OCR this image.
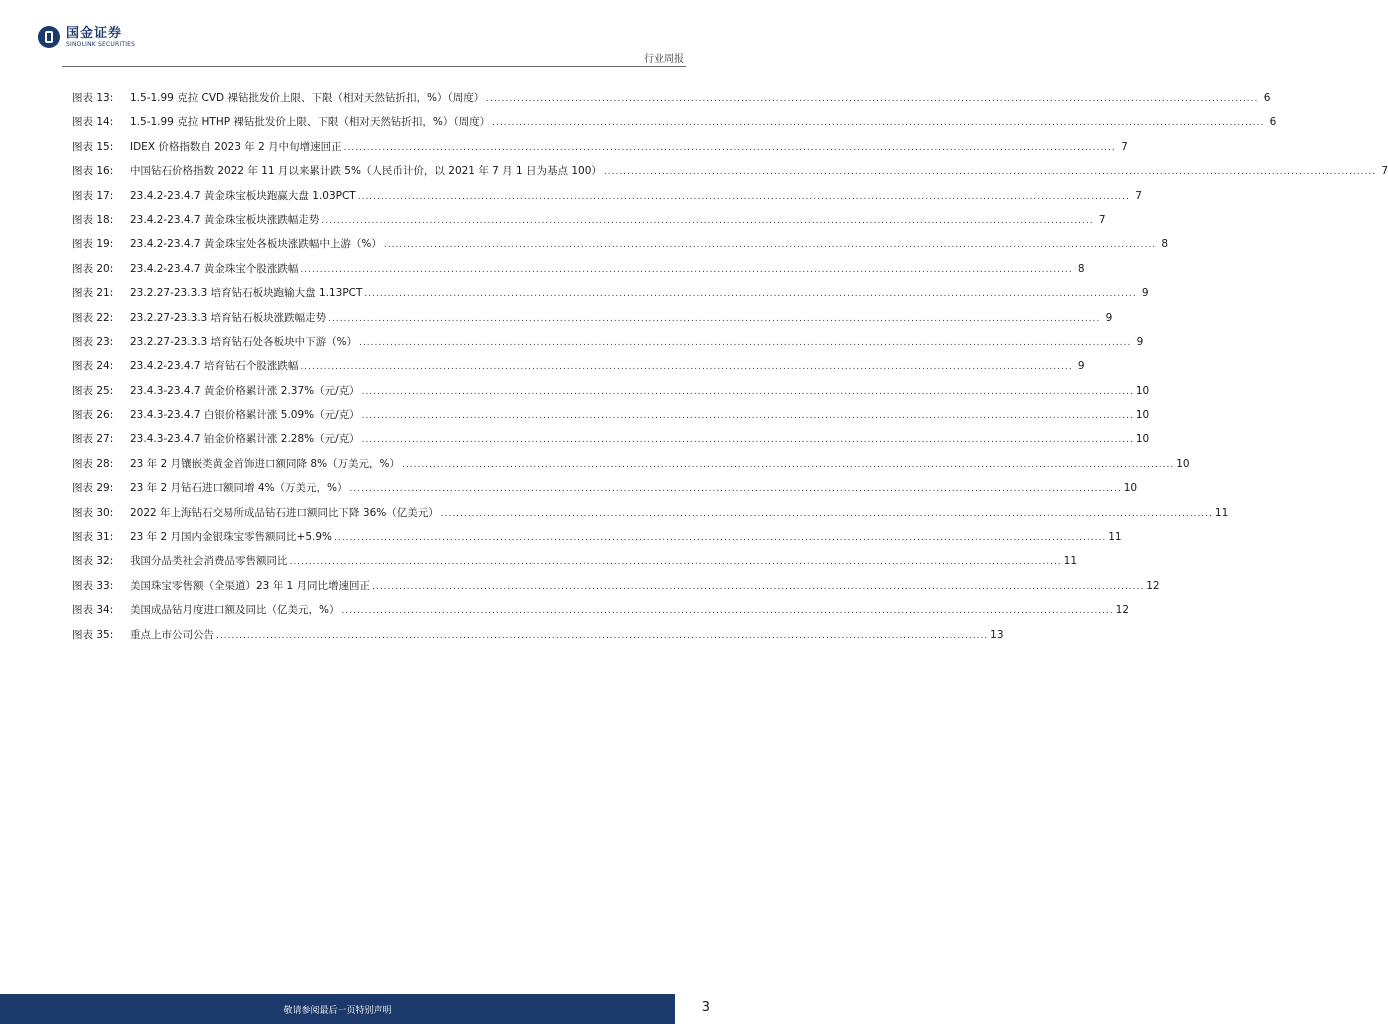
国金证券
SINOLINK SECURITIES
行业周报
图表 13:	1.5-1.99 克拉 CVD 裸钻批发价上限、下限（相对天然钻折扣，%）（周度） ........................................................................................................................................................................................................ 6
图表 14:	1.5-1.99 克拉 HTHP 裸钻批发价上限、下限（相对天然钻折扣，%）（周度） ........................................................................................................................................................................................................ 6
图表 15:	IDEX 价格指数自 2023 年 2 月中旬增速回正 ........................................................................................................................................................................................................ 7
图表 16:	中国钻石价格指数 2022 年 11 月以来累计跌 5%（人民币计价，以 2021 年 7 月 1 日为基点 100） ........................................................................................................................................................................................................ 7
图表 17:	23.4.2-23.4.7 黄金珠宝板块跑赢大盘 1.03PCT ........................................................................................................................................................................................................ 7
图表 18:	23.4.2-23.4.7 黄金珠宝板块涨跌幅走势 ........................................................................................................................................................................................................ 7
图表 19:	23.4.2-23.4.7 黄金珠宝处各板块涨跌幅中上游（%） ........................................................................................................................................................................................................ 8
图表 20:	23.4.2-23.4.7 黄金珠宝个股涨跌幅 ........................................................................................................................................................................................................ 8
图表 21:	23.2.27-23.3.3 培育钻石板块跑输大盘 1.13PCT ........................................................................................................................................................................................................ 9
图表 22:	23.2.27-23.3.3 培育钻石板块涨跌幅走势 ........................................................................................................................................................................................................ 9
图表 23:	23.2.27-23.3.3 培育钻石处各板块中下游（%） ........................................................................................................................................................................................................ 9
图表 24:	23.4.2-23.4.7 培育钻石个股涨跌幅 ........................................................................................................................................................................................................ 9
图表 25:	23.4.3-23.4.7 黄金价格累计涨 2.37%（元/克） ........................................................................................................................................................................................................ 10
图表 26:	23.4.3-23.4.7 白银价格累计涨 5.09%（元/克） ........................................................................................................................................................................................................ 10
图表 27:	23.4.3-23.4.7 铂金价格累计涨 2.28%（元/克） ........................................................................................................................................................................................................ 10
图表 28:	23 年 2 月镶嵌类黄金首饰进口额同降 8%（万美元，%） ........................................................................................................................................................................................................ 10
图表 29:	23 年 2 月钻石进口额同增 4%（万美元，%） ........................................................................................................................................................................................................ 10
图表 30:	2022 年上海钻石交易所成品钻石进口额同比下降 36%（亿美元） ........................................................................................................................................................................................................ 11
图表 31:	23 年 2 月国内金银珠宝零售额同比+5.9% ........................................................................................................................................................................................................ 11
图表 32:	我国分品类社会消费品零售额同比 ........................................................................................................................................................................................................ 11
图表 33:	美国珠宝零售额（全渠道）23 年 1 月同比增速回正 ........................................................................................................................................................................................................ 12
图表 34:	美国成品钻月度进口额及同比（亿美元，%） ........................................................................................................................................................................................................ 12
图表 35:	重点上市公司公告 ........................................................................................................................................................................................................ 13
敬请参阅最后一页特别声明	3
